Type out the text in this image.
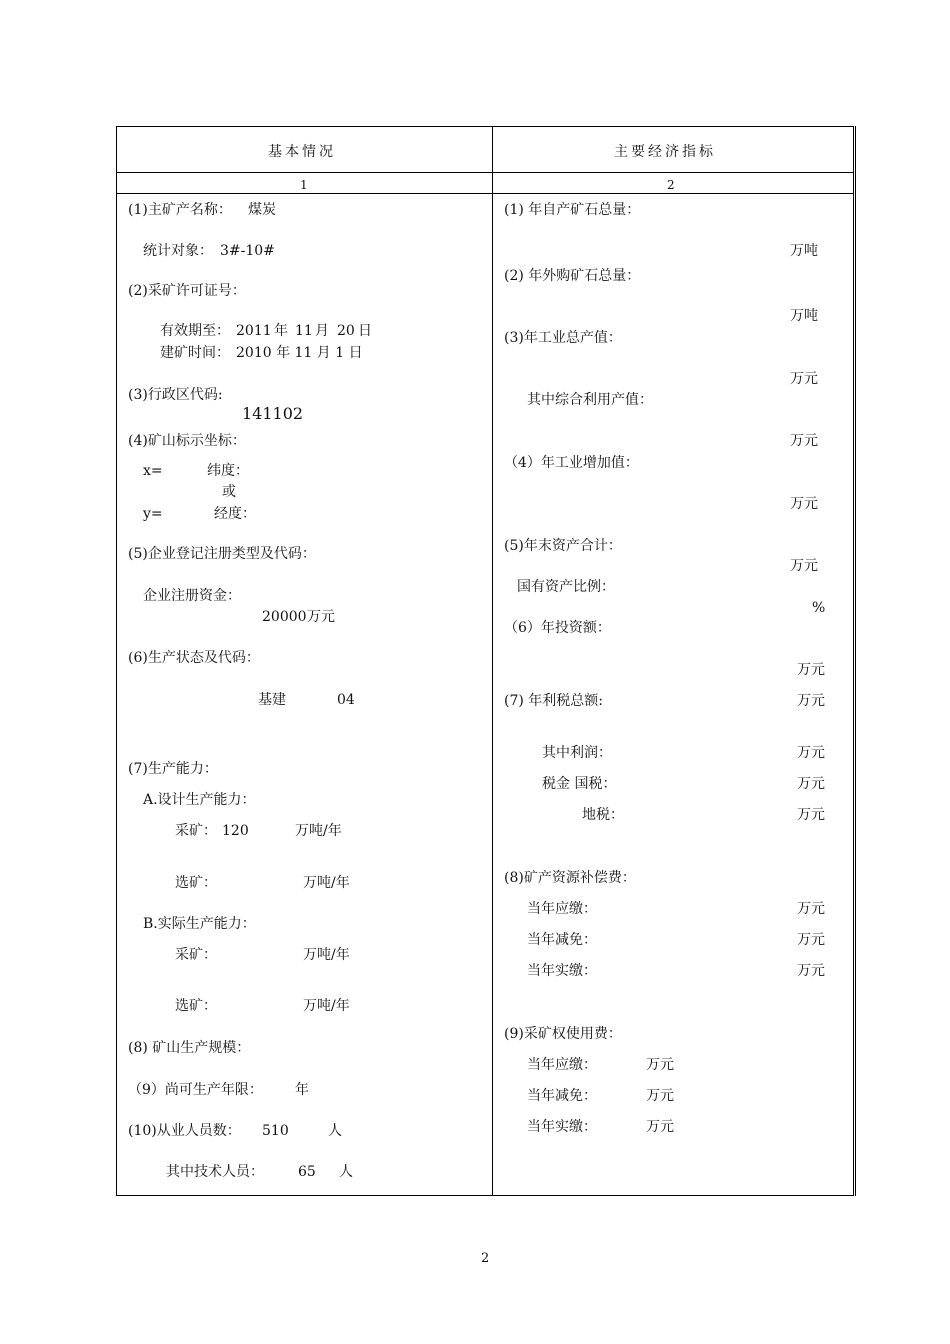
基本情况	主要经济指标
1	2
(1)主矿产名称： 煤炭
统计对象： 3#-10#
(2)采矿许可证号：
有效期至： 2011 年 11 月 20 日
建矿时间： 2010 年 11 月 1 日
(3)行政区代码:
141102
(4)矿山标示坐标：
x=	纬度：
或
y=	经度：
(5)企业登记注册类型及代码：
企业注册资金：
20000 万元
(6)生产状态及代码：
基建	04
(7)生产能力：
A.设计生产能力：
采矿： 120	万吨/年
选矿：	万吨/年
B.实际生产能力：
采矿：	万吨/年
选矿：	万吨/年
(8) 矿山生产规模：
（9）尚可生产年限： 年
(10)从业人员数： 510	人
其中技术人员： 65 人
(1) 年自产矿石总量：
万吨
(2) 年外购矿石总量：
万吨
(3)年工业总产值：
万元
其中综合利用产值：
万元
（4）年工业增加值：
万元
(5)年末资产合计：
万元
国有资产比例：
%
（6）年投资额：
万元
(7) 年利税总额:	万元
其中利润：	万元
税金 国税：	万元
地税：	万元
(8)矿产资源补偿费：
当年应缴：	万元
当年减免：	万元
当年实缴：	万元
(9)采矿权使用费：
当年应缴：	万元
当年减免：	万元
当年实缴：	万元
2
